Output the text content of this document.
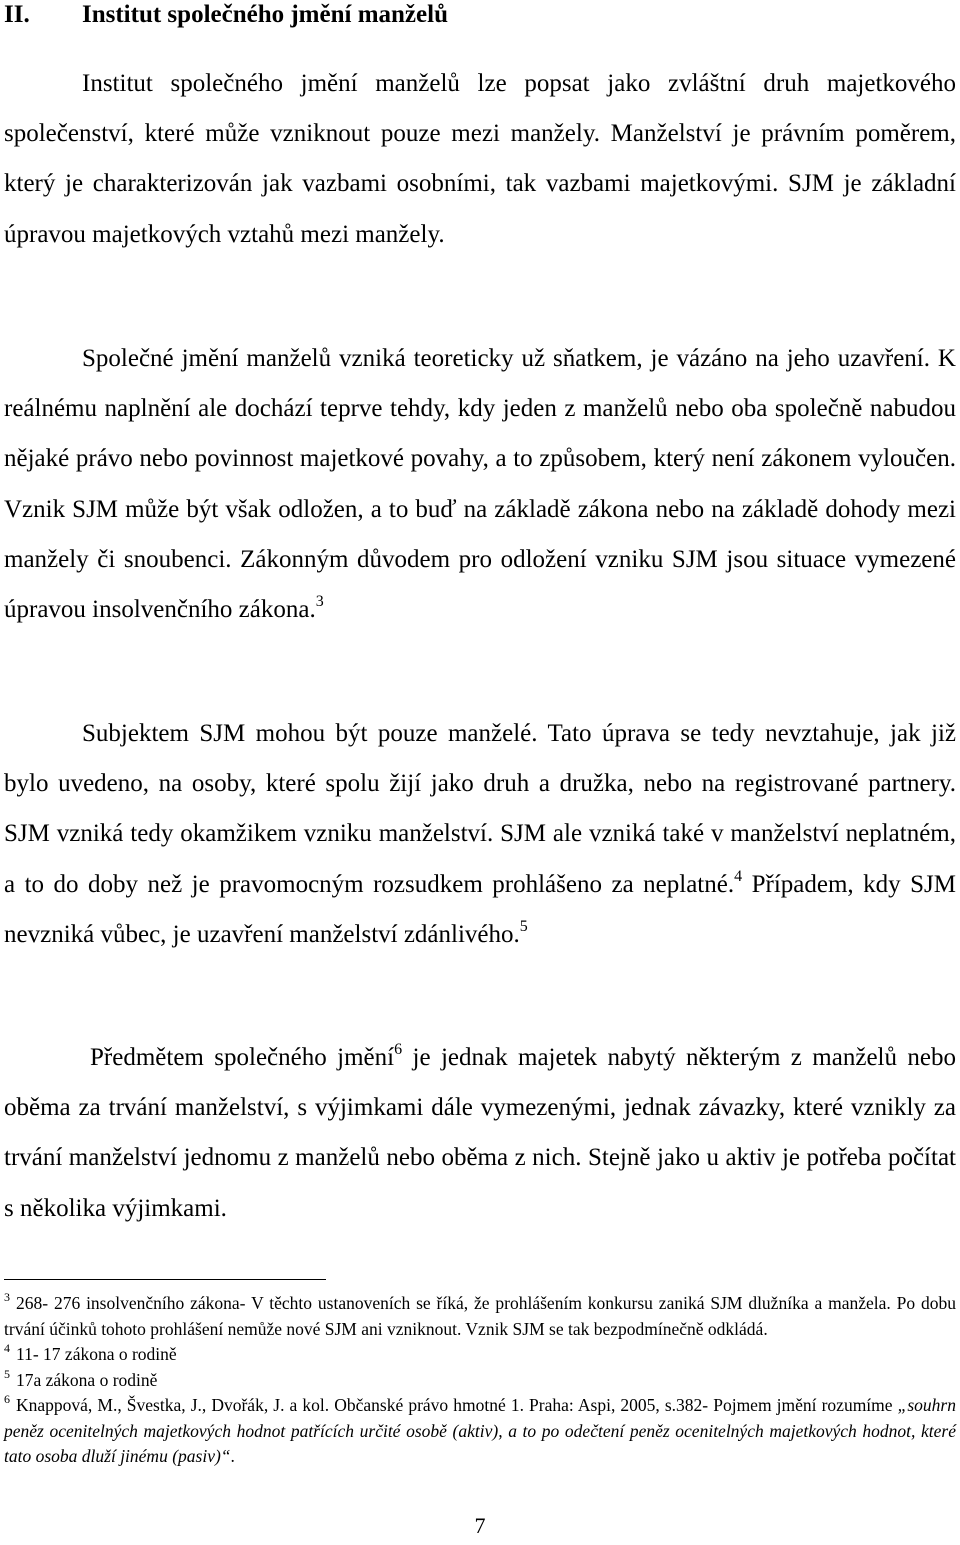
II. Institut společného jmění manželů

Institut společného jmění manželů lze popsat jako zvláštní druh majetkového společenství, které může vzniknout pouze mezi manžely. Manželství je právním poměrem, který je charakterizován jak vazbami osobními, tak vazbami majetkovými. SJM je základní úpravou majetkových vztahů mezi manžely.

Společné jmění manželů vzniká teoreticky už sňatkem, je vázáno na jeho uzavření. K reálnému naplnění ale dochází teprve tehdy, kdy jeden z manželů nebo oba společně nabudou nějaké právo nebo povinnost majetkové povahy, a to způsobem, který není zákonem vyloučen. Vznik SJM může být však odložen, a to buď na základě zákona nebo na základě dohody mezi manžely či snoubenci. Zákonným důvodem pro odložení vzniku SJM jsou situace vymezené úpravou insolvenčního zákona.$^3$

Subjektem SJM mohou být pouze manželé. Tato úprava se tedy nevztahuje, jak již bylo uvedeno, na osoby, které spolu žijí jako druh a družka, nebo na registrované partnery. SJM vzniká tedy okamžikem vzniku manželství. SJM ale vzniká také v manželství neplatném, a to do doby než je pravomocným rozsudkem prohlášeno za neplatné.$^4$ Případem, kdy SJM nevzniká vůbec, je uzavření manželství zdánlivého.$^5$

Předmětem společného jmění$^6$ je jednak majetek nabytý některým z manželů nebo oběma za trvání manželství, s výjimkami dále vymezenými, jednak závazky, které vznikly za trvání manželství jednomu z manželů nebo oběma z nich. Stejně jako u aktiv je potřeba počítat s několika výjimkami.

$^3$ 268- 276 insolvenčního zákona- V těchto ustanoveních se říká, že prohlášením konkursu zaniká SJM dlužníka a manžela. Po dobu trvání účinků tohoto prohlášení nemůže nové SJM ani vzniknout. Vznik SJM se tak bezpodmínečně odkládá.

$^4$ 11- 17 zákona o rodině

$^5$ 17a zákona o rodině

$^6$ Knappová, M., Švestka, J., Dvořák, J. a kol. Občanské právo hmotné 1. Praha: Aspi, 2005, s.382- Pojmem jmění rozumíme „souhrn peněz ocenitelných majetkových hodnot patřících určité osobě (aktiv), a to po odečtení peněz ocenitelných majetkových hodnot, které tato osoba dluží jinému (pasiv)“.

7
